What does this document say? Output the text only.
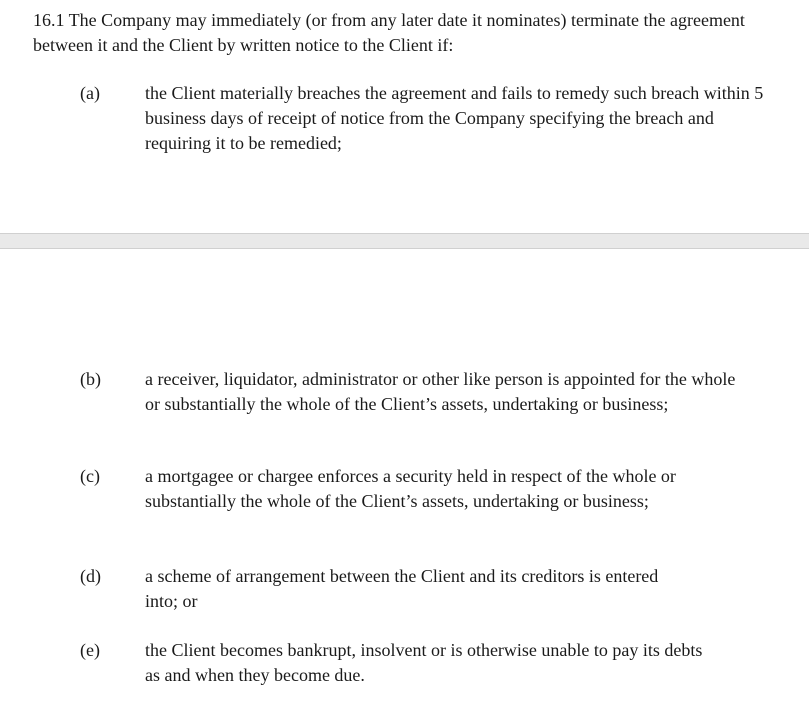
16.1 The Company may immediately (or from any later date it nominates) terminate the agreement between it and the Client by written notice to the Client if:

(a)	the Client materially breaches the agreement and fails to remedy such breach within 5 business days of receipt of notice from the Company specifying the breach and requiring it to be remedied;

(b) a receiver, liquidator, administrator or other like person is appointed for the whole or substantially the whole of the Client’s assets, undertaking or business;

(c)	a mortgagee or chargee enforces a security held in respect of the whole or substantially the whole of the Client’s assets, undertaking or business;

(d) a scheme of arrangement between the Client and its creditors is entered into; or

(e)	the Client becomes bankrupt, insolvent or is otherwise unable to pay its debts as and when they become due.
